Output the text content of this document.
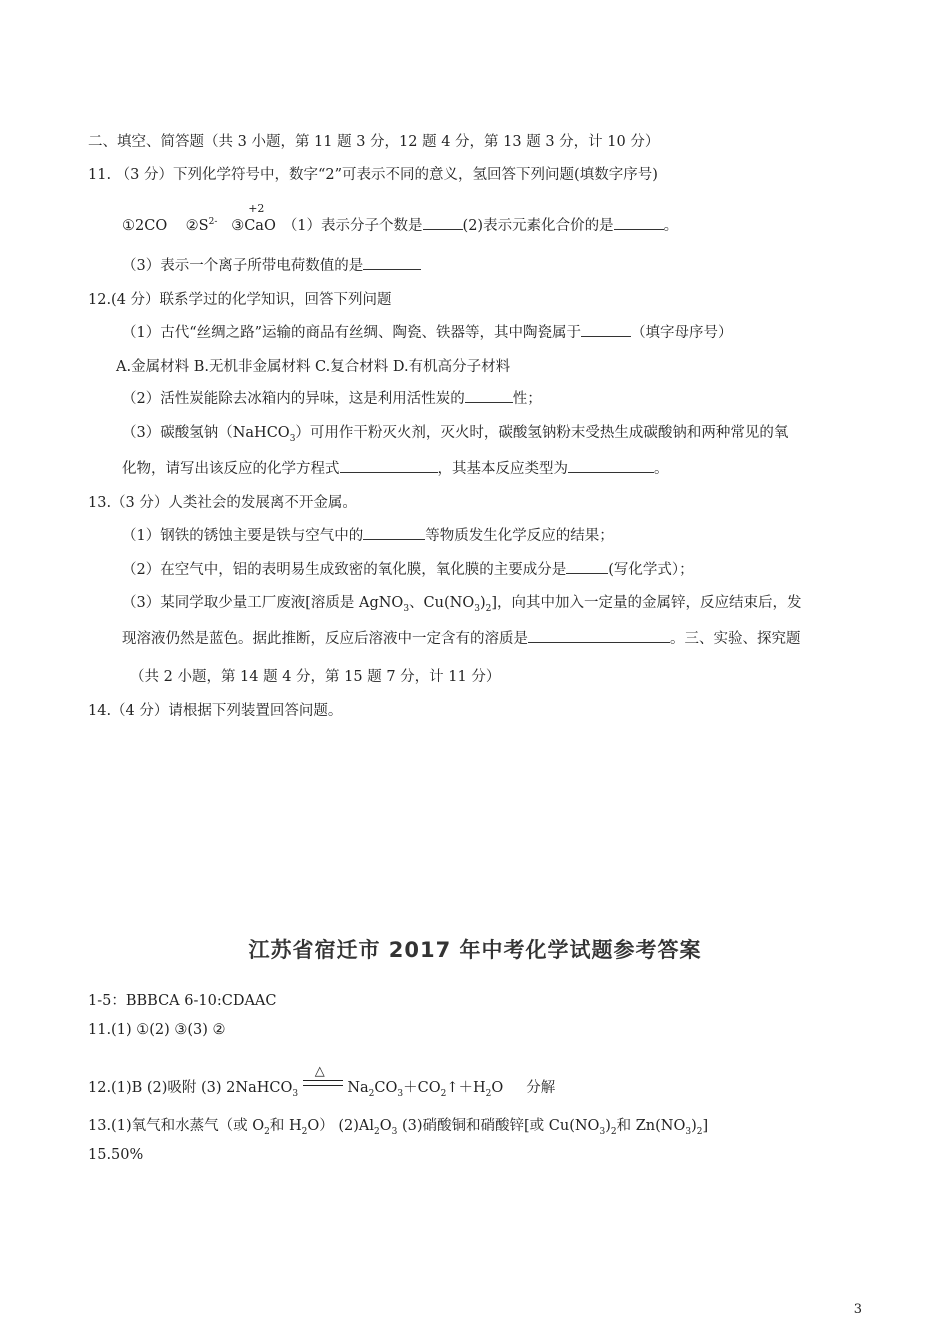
二、填空、简答题（共 3 小题，第 11 题 3 分，12 题 4 分，第 13 题 3 分，计 10 分）
11. （3 分）下列化学符号中，数字“2”可表示不同的意义，氢回答下列问题(填数字序号)
①2CO $②S^{2-}$ ③
+2
CaO （1）表示分子个数是	(2)表示元素化合价的是	。
（3）表示一个离子所带电荷数值的是
12.(4 分）联系学过的化学知识，回答下列问题
（1）古代“丝绸之路”运输的商品有丝绸、陶瓷、铁器等，其中陶瓷属于	（填字母序号）
A.金属材料 B.无机非金属材料 C.复合材料 D.有机高分子材料
（2）活性炭能除去冰箱内的异味，这是利用活性炭的	性；
（3）碳酸氢钠（NaHCO$_3$）可用作干粉灭火剂，灭火时，碳酸氢钠粉末受热生成碳酸钠和两种常见的氧
化物，请写出该反应的化学方程式	，其基本反应类型为	。
13.（3 分）人类社会的发展离不开金属。
（1）钢铁的锈蚀主要是铁与空气中的	等物质发生化学反应的结果；
（2）在空气中，铝的表明易生成致密的氧化膜，氧化膜的主要成分是	(写化学式）；
（3）某同学取少量工厂废液[溶质是 AgNO$_3$、$Cu(NO_3)_2$]，向其中加入一定量的金属锌，反应结束后，发
现溶液仍然是蓝色。据此推断，反应后溶液中一定含有的溶质是	。三、实验、探究题
（共 2 小题，第 14 题 4 分，第 15 题 7 分，计 11 分）
14.（4 分）请根据下列装置回答问题。
江苏省宿迁市 2017 年中考化学试题参考答案
1-5：BBBCA 6-10:CDAAC
11.(1) ①(2) ③(3) ②
12.(1)B (2)吸附 (3) 2NaHCO$_3$
△
$Na_2CO_3+CO_2↑+H_2O$ 分解
13.(1)氧气和水蒸气（或 $O_2$和 $H_2O$） $(2)Al_2O_3$ (3)硝酸铜和硝酸锌[或 $Cu(NO_3)_2$和 $Zn(NO_3)_2$]
15.50%
3
